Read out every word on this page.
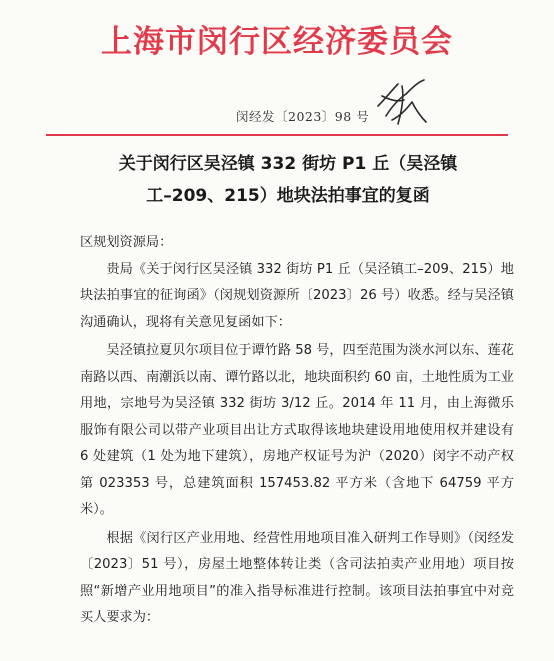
上海市闵行区经济委员会
闵经发〔2023〕98 号
关于闵行区吴泾镇 332 街坊 P1 丘（吴泾镇
工–209、215）地块法拍事宜的复函

区规划资源局：

贵局《关于闵行区吴泾镇 332 街坊 P1 丘（吴泾镇工–209、215）地块法拍事宜的征询函》（闵规划资源所〔2023〕26 号）收悉。经与吴泾镇沟通确认，现将有关意见复函如下：

吴泾镇拉夏贝尔项目位于谭竹路 58 号，四至范围为淡水河以东、莲花南路以西、南潮浜以南、谭竹路以北，地块面积约 60 亩，土地性质为工业用地，宗地号为吴泾镇 332 街坊 3/12 丘。2014 年 11 月，由上海微乐服饰有限公司以带产业项目出让方式取得该地块建设用地使用权并建设有 6 处建筑（1 处为地下建筑），房地产权证号为沪（2020）闵字不动产权第 023353 号，总建筑面积 157453.82 平方米（含地下 64759 平方米）。

根据《闵行区产业用地、经营性用地项目准入研判工作导则》（闵经发〔2023〕51 号），房屋土地整体转让类（含司法拍卖产业用地）项目按照“新增产业用地项目”的准入指导标准进行控制。该项目法拍事宜中对竞买人要求为：
